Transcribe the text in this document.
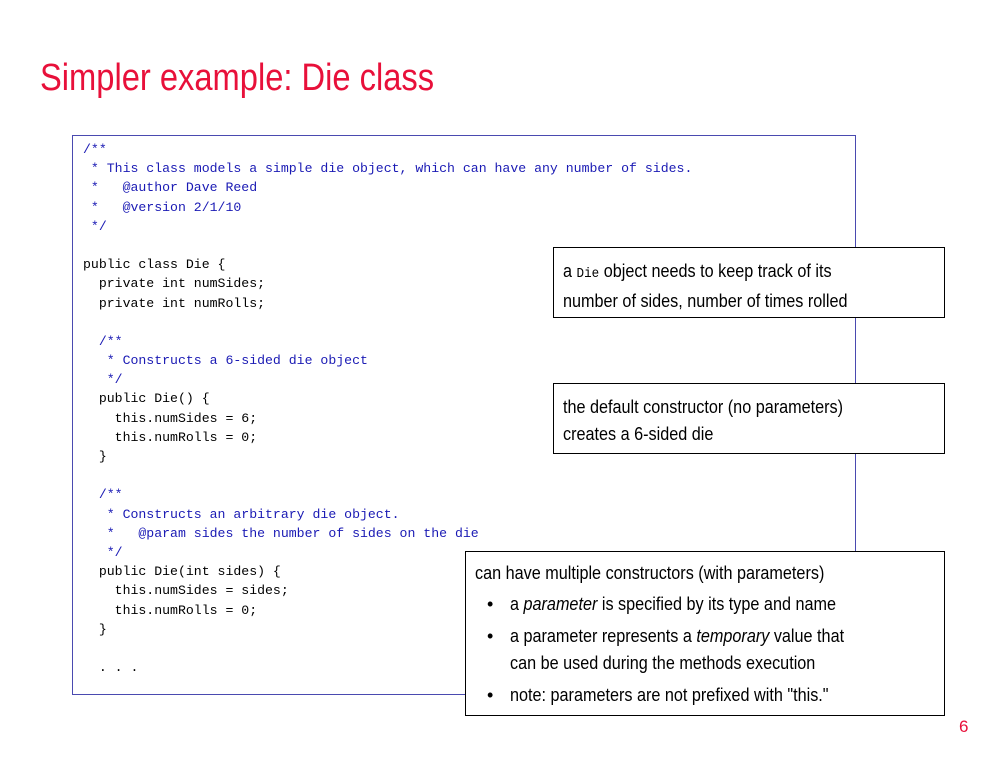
Simpler example: Die class
/**
* This class models a simple die object, which can have any number of sides.
*   @author Dave Reed
*   @version 2/1/10
*/
public class Die {
private int numSides;
private int numRolls;
/**
* Constructs a 6-sided die object
*/
public Die() {
this.numSides = 6;
this.numRolls = 0;
}
/**
* Constructs an arbitrary die object.
*   @param sides the number of sides on the die
*/
public Die(int sides) {
this.numSides = sides;
this.numRolls = 0;
}
. . .
a Die object needs to keep track of its
number of sides, number of times rolled
the default constructor (no parameters)
creates a 6-sided die
can have multiple constructors (with parameters)
• a parameter is specified by its type and name
• a parameter represents a temporary value that can be used during the methods execution
• note: parameters are not prefixed with "this."
6
